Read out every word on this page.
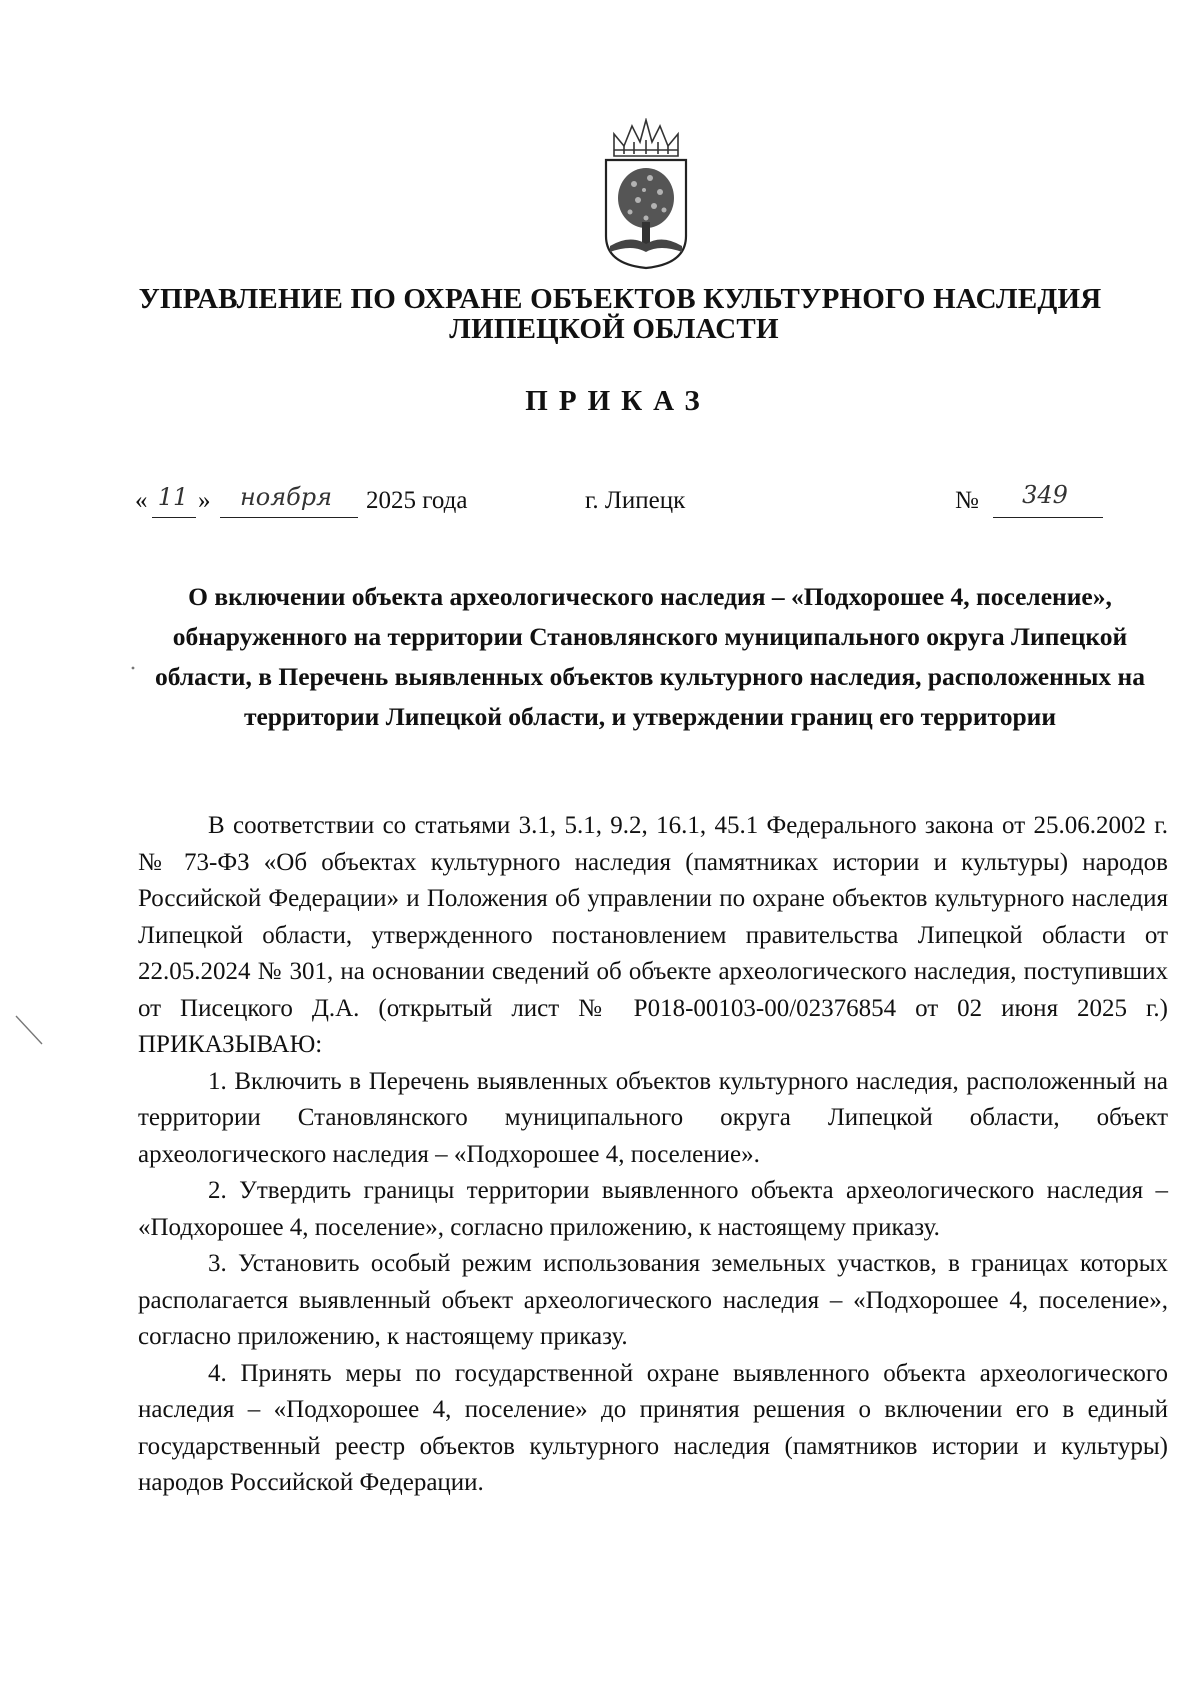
УПРАВЛЕНИЕ ПО ОХРАНЕ ОБЪЕКТОВ КУЛЬТУРНОГО НАСЛЕДИЯ
ЛИПЕЦКОЙ ОБЛАСТИ
ПРИКАЗ
« 11 »	ноября	2025 года	г. Липецк	№	349
О включении объекта археологического наследия – «Подхорошее 4, поселение», обнаруженного на территории Становлянского муниципального округа Липецкой области, в Перечень выявленных объектов культурного наследия, расположенных на территории Липецкой области, и утверждении границ его территории

В соответствии со статьями 3.1, 5.1, 9.2, 16.1, 45.1 Федерального закона от 25.06.2002 г. № 73-ФЗ «Об объектах культурного наследия (памятниках истории и культуры) народов Российской Федерации» и Положения об управлении по охране объектов культурного наследия Липецкой области, утвержденного постановлением правительства Липецкой области от 22.05.2024 № 301, на основании сведений об объекте археологического наследия, поступивших от Писецкого Д.А. (открытый лист № Р018-00103-00/02376854 от 02 июня 2025 г.) ПРИКАЗЫВАЮ:

1. Включить в Перечень выявленных объектов культурного наследия, расположенный на территории Становлянского муниципального округа Липецкой области, объект археологического наследия – «Подхорошее 4, поселение».

2. Утвердить границы территории выявленного объекта археологического наследия – «Подхорошее 4, поселение», согласно приложению, к настоящему приказу.

3. Установить особый режим использования земельных участков, в границах которых располагается выявленный объект археологического наследия – «Подхорошее 4, поселение», согласно приложению, к настоящему приказу.

4. Принять меры по государственной охране выявленного объекта археологического наследия – «Подхорошее 4, поселение» до принятия решения о включении его в единый государственный реестр объектов культурного наследия (памятников истории и культуры) народов Российской Федерации.
